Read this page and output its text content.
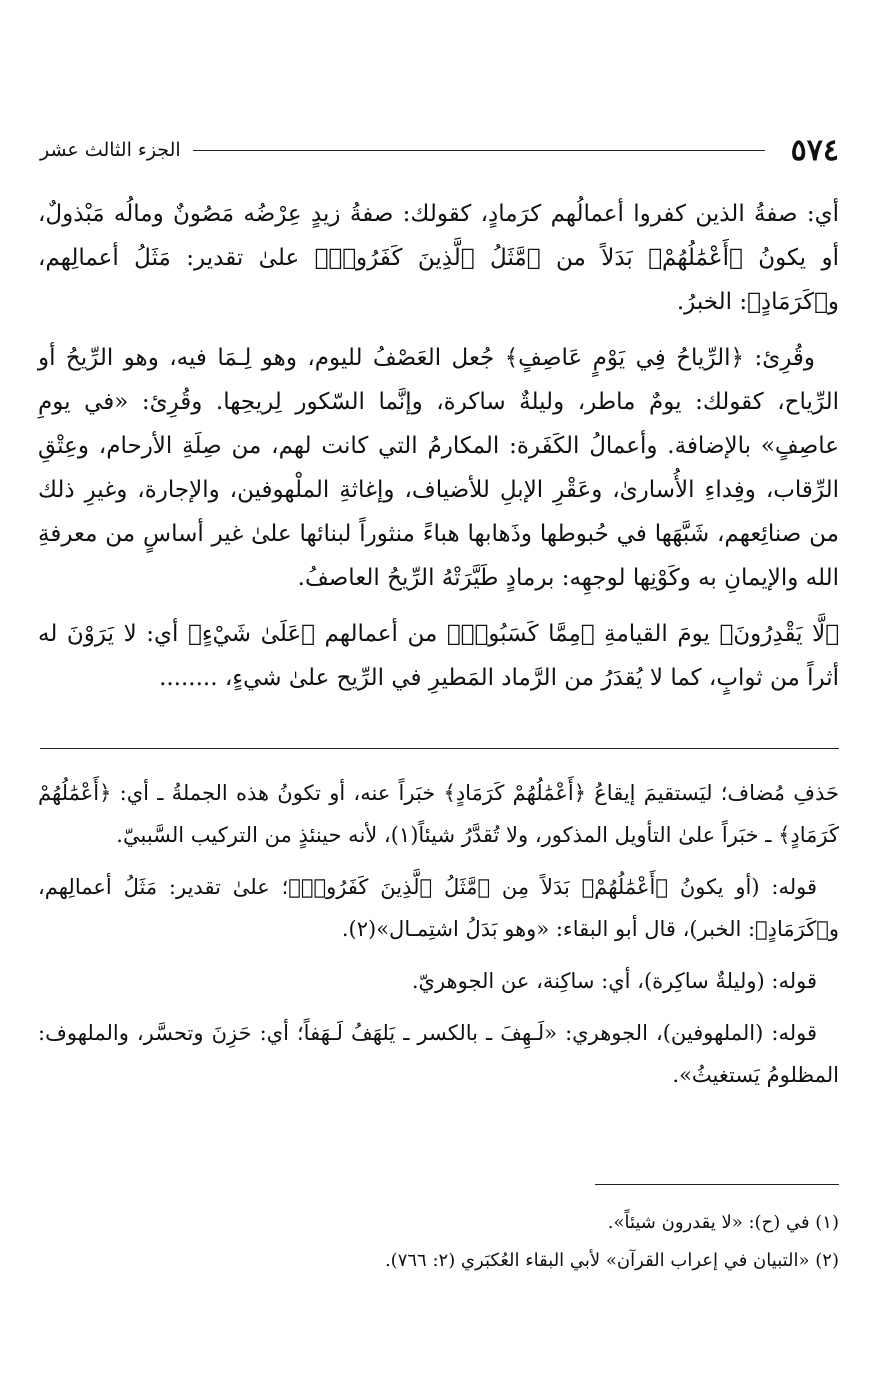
٥٧٤
الجزء الثالث عشر

أي: صفةُ الذين كفروا أعمالُهم كرَمادٍ، كقولك: صفةُ زيدٍ عِرْضُه مَصُونٌ ومالُه مَبْذولٌ، أو يكونُ ﴿أَعْمَٰلُهُمْ﴾ بَدَلاً من ﴿مَّثَلُ ٱلَّذِينَ كَفَرُوا۟﴾ علىٰ تقدير: مَثَلُ أعمالِهم، و﴿كَرَمَادٍ﴾: الخبرُ.

وقُرِئ: ﴿الرِّياحُ فِي يَوْمٍ عَاصِفٍ﴾ جُعل العَصْفُ لليوم، وهو لِـمَا فيه، وهو الرِّيحُ أو الرِّياح، كقولك: يومٌ ماطر، وليلةٌ ساكرة، وإنَّما السّكور لِريحِها. وقُرِئ: «في يومِ عاصِفٍ» بالإضافة. وأعمالُ الكَفَرة: المكارمُ التي كانت لهم، من صِلَةِ الأرحام، وعِتْقِ الرِّقاب، وفِداءِ الأُسارىٰ، وعَقْرِ الإبلِ للأضياف، وإغاثةِ الملْهوفين، والإجارة، وغيرِ ذلك من صنائِعهم، شَبَّهَها في حُبوطها وذَهابها هباءً منثوراً لبنائها علىٰ غير أساسٍ من معرفةِ الله والإيمانِ به وكَوْنِها لوجهِه: برمادٍ طَيَّرَتْهُ الرِّيحُ العاصفُ.

﴿لَّا يَقْدِرُونَ﴾ يومَ القيامةِ ﴿مِمَّا كَسَبُوا۟﴾ من أعمالهم ﴿عَلَىٰ شَيْءٍ﴾ أي: لا يَرَوْنَ له أثراً من ثوابٍ، كما لا يُقدَرُ من الرَّماد المَطيرِ في الرِّيح علىٰ شيءٍ، ........

حَذفِ مُضاف؛ ليَستقيمَ إيقاعُ ﴿أَعْمَٰلُهُمْ كَرَمَادٍ﴾ خبَراً عنه، أو تكونُ هذه الجملةُ ـ أي: ﴿أَعْمَٰلُهُمْ كَرَمَادٍ﴾ ـ خبَراً علىٰ التأويل المذكور، ولا تُقدَّرُ شيئاً(١)، لأنه حينئذٍ من التركيب السَّببيّ.

قوله: (أو يكونُ ﴿أَعْمَٰلُهُمْ﴾ بَدَلاً مِن ﴿مَّثَلُ ٱلَّذِينَ كَفَرُوا۟﴾؛ علىٰ تقدير: مَثَلُ أعمالِهم، و﴿كَرَمَادٍ﴾: الخبر)، قال أبو البقاء: «وهو بَدَلُ اشتِمـال»(٢).

قوله: (وليلةٌ ساكِرة)، أي: ساكِنة، عن الجوهريّ.

قوله: (الملهوفين)، الجوهري: «لَـهِفَ ـ بالكسر ـ يَلهَفُ لَـهَفاً؛ أي: حَزِنَ وتحسَّر، والملهوف: المظلومُ يَستغيثُ».

(١) في (ح): «لا يقدرون شيئاً».
(٢) «التبيان في إعراب القرآن» لأبي البقاء العُكبَري (٢: ٧٦٦).
